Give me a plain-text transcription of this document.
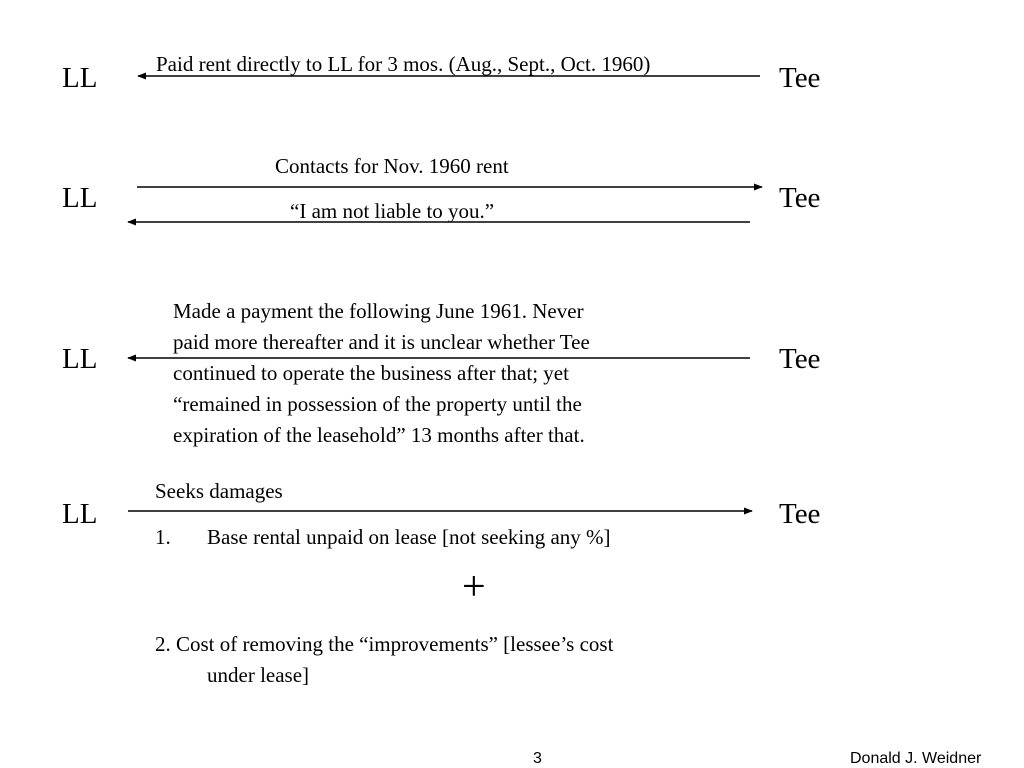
LL	Tee
Paid rent directly to LL for 3 mos. (Aug., Sept., Oct. 1960)
LL	Tee
Contacts for Nov. 1960 rent
“I am not liable to you.”
LL	Tee
Made a payment the following June 1961. Never
paid more thereafter and it is unclear whether Tee
continued to operate the business after that; yet
“remained in possession of the property until the
expiration of the leasehold” 13 months after that.
LL	Tee
Seeks damages
1. Base rental unpaid on lease [not seeking any %]
+
2. Cost of removing the “improvements” [lessee’s cost
under lease]
3	Donald J. Weidner
